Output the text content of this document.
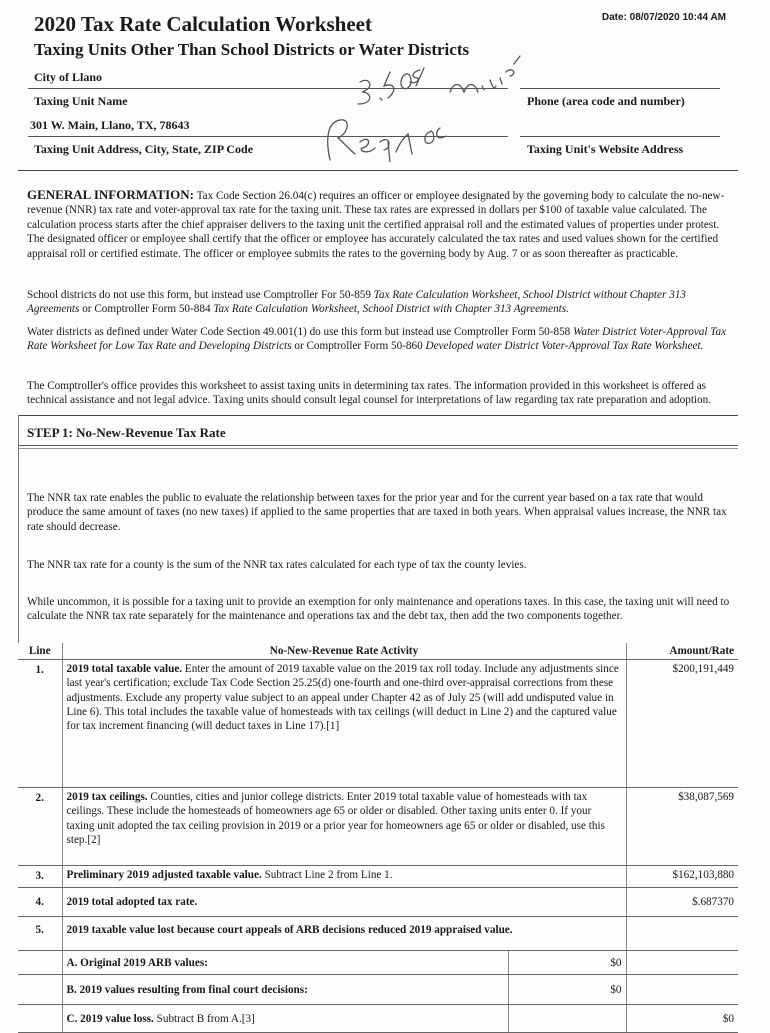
Date: 08/07/2020 10:44 AM
2020 Tax Rate Calculation Worksheet
Taxing Units Other Than School Districts or Water Districts
City of Llano
Taxing Unit Name	Phone (area code and number)
301 W. Main, Llano, TX, 78643
Taxing Unit Address, City, State, ZIP Code	Taxing Unit's Website Address
GENERAL INFORMATION: Tax Code Section 26.04(c) requires an officer or employee designated by the governing body to calculate the no-new-revenue (NNR) tax rate and voter-approval tax rate for the taxing unit. These tax rates are expressed in dollars per $100 of taxable value calculated. The calculation process starts after the chief appraiser delivers to the taxing unit the certified appraisal roll and the estimated values of properties under protest. The designated officer or employee shall certify that the officer or employee has accurately calculated the tax rates and used values shown for the certified appraisal roll or certified estimate. The officer or employee submits the rates to the governing body by Aug. 7 or as soon thereafter as practicable.
School districts do not use this form, but instead use Comptroller For 50-859 Tax Rate Calculation Worksheet, School District without Chapter 313 Agreements or Comptroller Form 50-884 Tax Rate Calculation Worksheet, School District with Chapter 313 Agreements.
Water districts as defined under Water Code Section 49.001(1) do use this form but instead use Comptroller Form 50-858 Water District Voter-Approval Tax Rate Worksheet for Low Tax Rate and Developing Districts or Comptroller Form 50-860 Developed water District Voter-Approval Tax Rate Worksheet.
The Comptroller's office provides this worksheet to assist taxing units in determining tax rates. The information provided in this worksheet is offered as technical assistance and not legal advice. Taxing units should consult legal counsel for interpretations of law regarding tax rate preparation and adoption.
STEP 1: No-New-Revenue Tax Rate
The NNR tax rate enables the public to evaluate the relationship between taxes for the prior year and for the current year based on a tax rate that would produce the same amount of taxes (no new taxes) if applied to the same properties that are taxed in both years. When appraisal values increase, the NNR tax rate should decrease.
The NNR tax rate for a county is the sum of the NNR tax rates calculated for each type of tax the county levies.
While uncommon, it is possible for a taxing unit to provide an exemption for only maintenance and operations taxes. In this case, the taxing unit will need to calculate the NNR tax rate separately for the maintenance and operations tax and the debt tax, then add the two components together.
Line	No-New-Revenue Rate Activity		Amount/Rate
1.	2019 total taxable value. Enter the amount of 2019 taxable value on the 2019 tax roll today. Include any adjustments since last year's certification; exclude Tax Code Section 25.25(d) one-fourth and one-third over-appraisal corrections from these adjustments. Exclude any property value subject to an appeal under Chapter 42 as of July 25 (will add undisputed value in Line 6). This total includes the taxable value of homesteads with tax ceilings (will deduct in Line 2) and the captured value for tax increment financing (will deduct taxes in Line 17).[1]		$200,191,449
2.	2019 tax ceilings. Counties, cities and junior college districts. Enter 2019 total taxable value of homesteads with tax ceilings. These include the homesteads of homeowners age 65 or older or disabled. Other taxing units enter 0. If your taxing unit adopted the tax ceiling provision in 2019 or a prior year for homeowners age 65 or older or disabled, use this step.[2]		$38,087,569
3.	Preliminary 2019 adjusted taxable value. Subtract Line 2 from Line 1.		$162,103,880
4.	2019 total adopted tax rate.		$.687370
5.	2019 taxable value lost because court appeals of ARB decisions reduced 2019 appraised value.		
	A. Original 2019 ARB values:	$0	
	B. 2019 values resulting from final court decisions:	$0	
	C. 2019 value loss. Subtract B from A.[3]		$0
